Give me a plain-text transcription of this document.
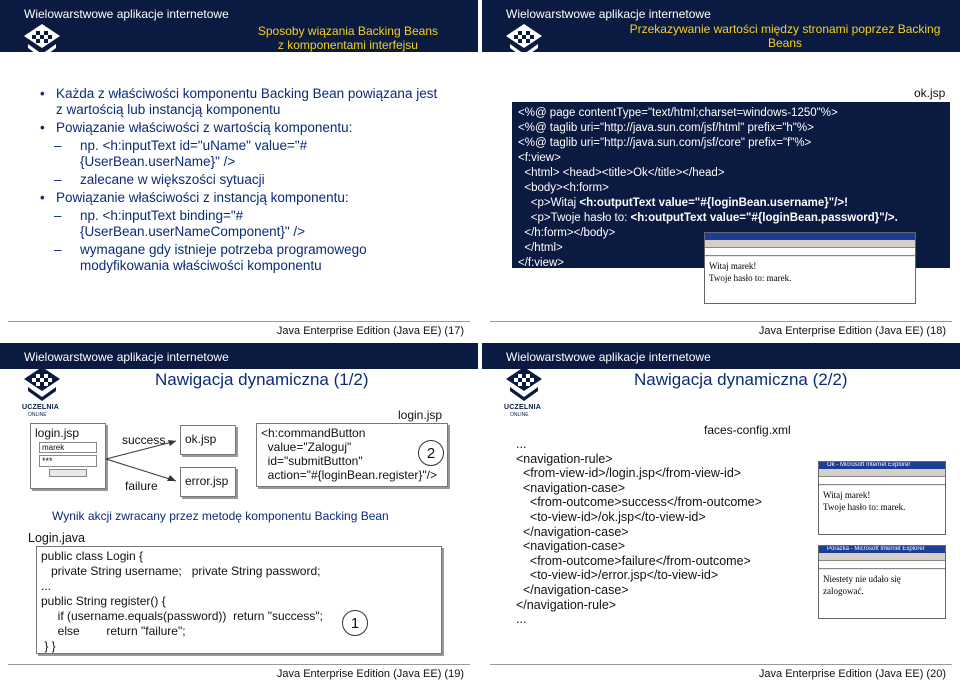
Wielowarstwowe aplikacje internetowe
Sposoby wiązania Backing Beans
z komponentami interfejsu
UCZELNIA
ONLINE
• Każda z właściwości komponentu Backing Bean powiązana jest z wartością lub instancją komponentu
• Powiązanie właściwości z wartością komponentu:
– np. <h:inputText id="uName" value="#{UserBean.userName}" />
– zalecane w większości sytuacji
• Powiązanie właściwości z instancją komponentu:
– np. <h:inputText binding="#{UserBean.userNameComponent}" />
– wymagane gdy istnieje potrzeba programowego modyfikowania właściwości komponentu
Java Enterprise Edition (Java EE) (17)
Wielowarstwowe aplikacje internetowe
Przekazywanie wartości między stronami poprzez Backing Beans
UCZELNIA
ONLINE
ok.jsp
<%@ page contentType="text/html;charset=windows-1250"%>
<%@ taglib uri="http://java.sun.com/jsf/html" prefix="h"%>
<%@ taglib uri="http://java.sun.com/jsf/core" prefix="f"%>
<f:view>
<html> <head><title>Ok</title></head>
<body><h:form>
<p>Witaj <h:outputText value="#{loginBean.username}"/>!
<p>Twoje hasło to: <h:outputText value="#{loginBean.password}"/>.
</h:form></body>
</html>
</f:view>	Witaj marek!
Twoje hasło to: marek.
Java Enterprise Edition (Java EE) (18)
Wielowarstwowe aplikacje internetowe
UCZELNIA
ONLINE
Nawigacja dynamiczna (1/2)
login.jsp
marek
***
success
failure
ok.jsp
error.jsp
login.jsp
<h:commandButton
value="Zaloguj"
id="submitButton"
action="#{loginBean.register}"/>
2
Wynik akcji zwracany przez metodę komponentu Backing Bean
Login.java
public class Login {
private String username;   private String password;
...
public String register() {
if (username.equals(password))  return "success";
else        return "failure";
} }
1
Java Enterprise Edition (Java EE) (19)
Wielowarstwowe aplikacje internetowe
UCZELNIA
ONLINE
Nawigacja dynamiczna (2/2)
faces-config.xml
...
<navigation-rule>
<from-view-id>/login.jsp</from-view-id>
<navigation-case>
<from-outcome>success</from-outcome>
<to-view-id>/ok.jsp</to-view-id>
</navigation-case>
<navigation-case>
<from-outcome>failure</from-outcome>
<to-view-id>/error.jsp</to-view-id>
</navigation-case>
</navigation-rule>
...
Ok - Microsoft Internet Explorer
Witaj marek!
Twoje hasło to: marek.
Porażka - Microsoft Internet Explorer
Niestety nie udało się zalogować.
Java Enterprise Edition (Java EE) (20)
